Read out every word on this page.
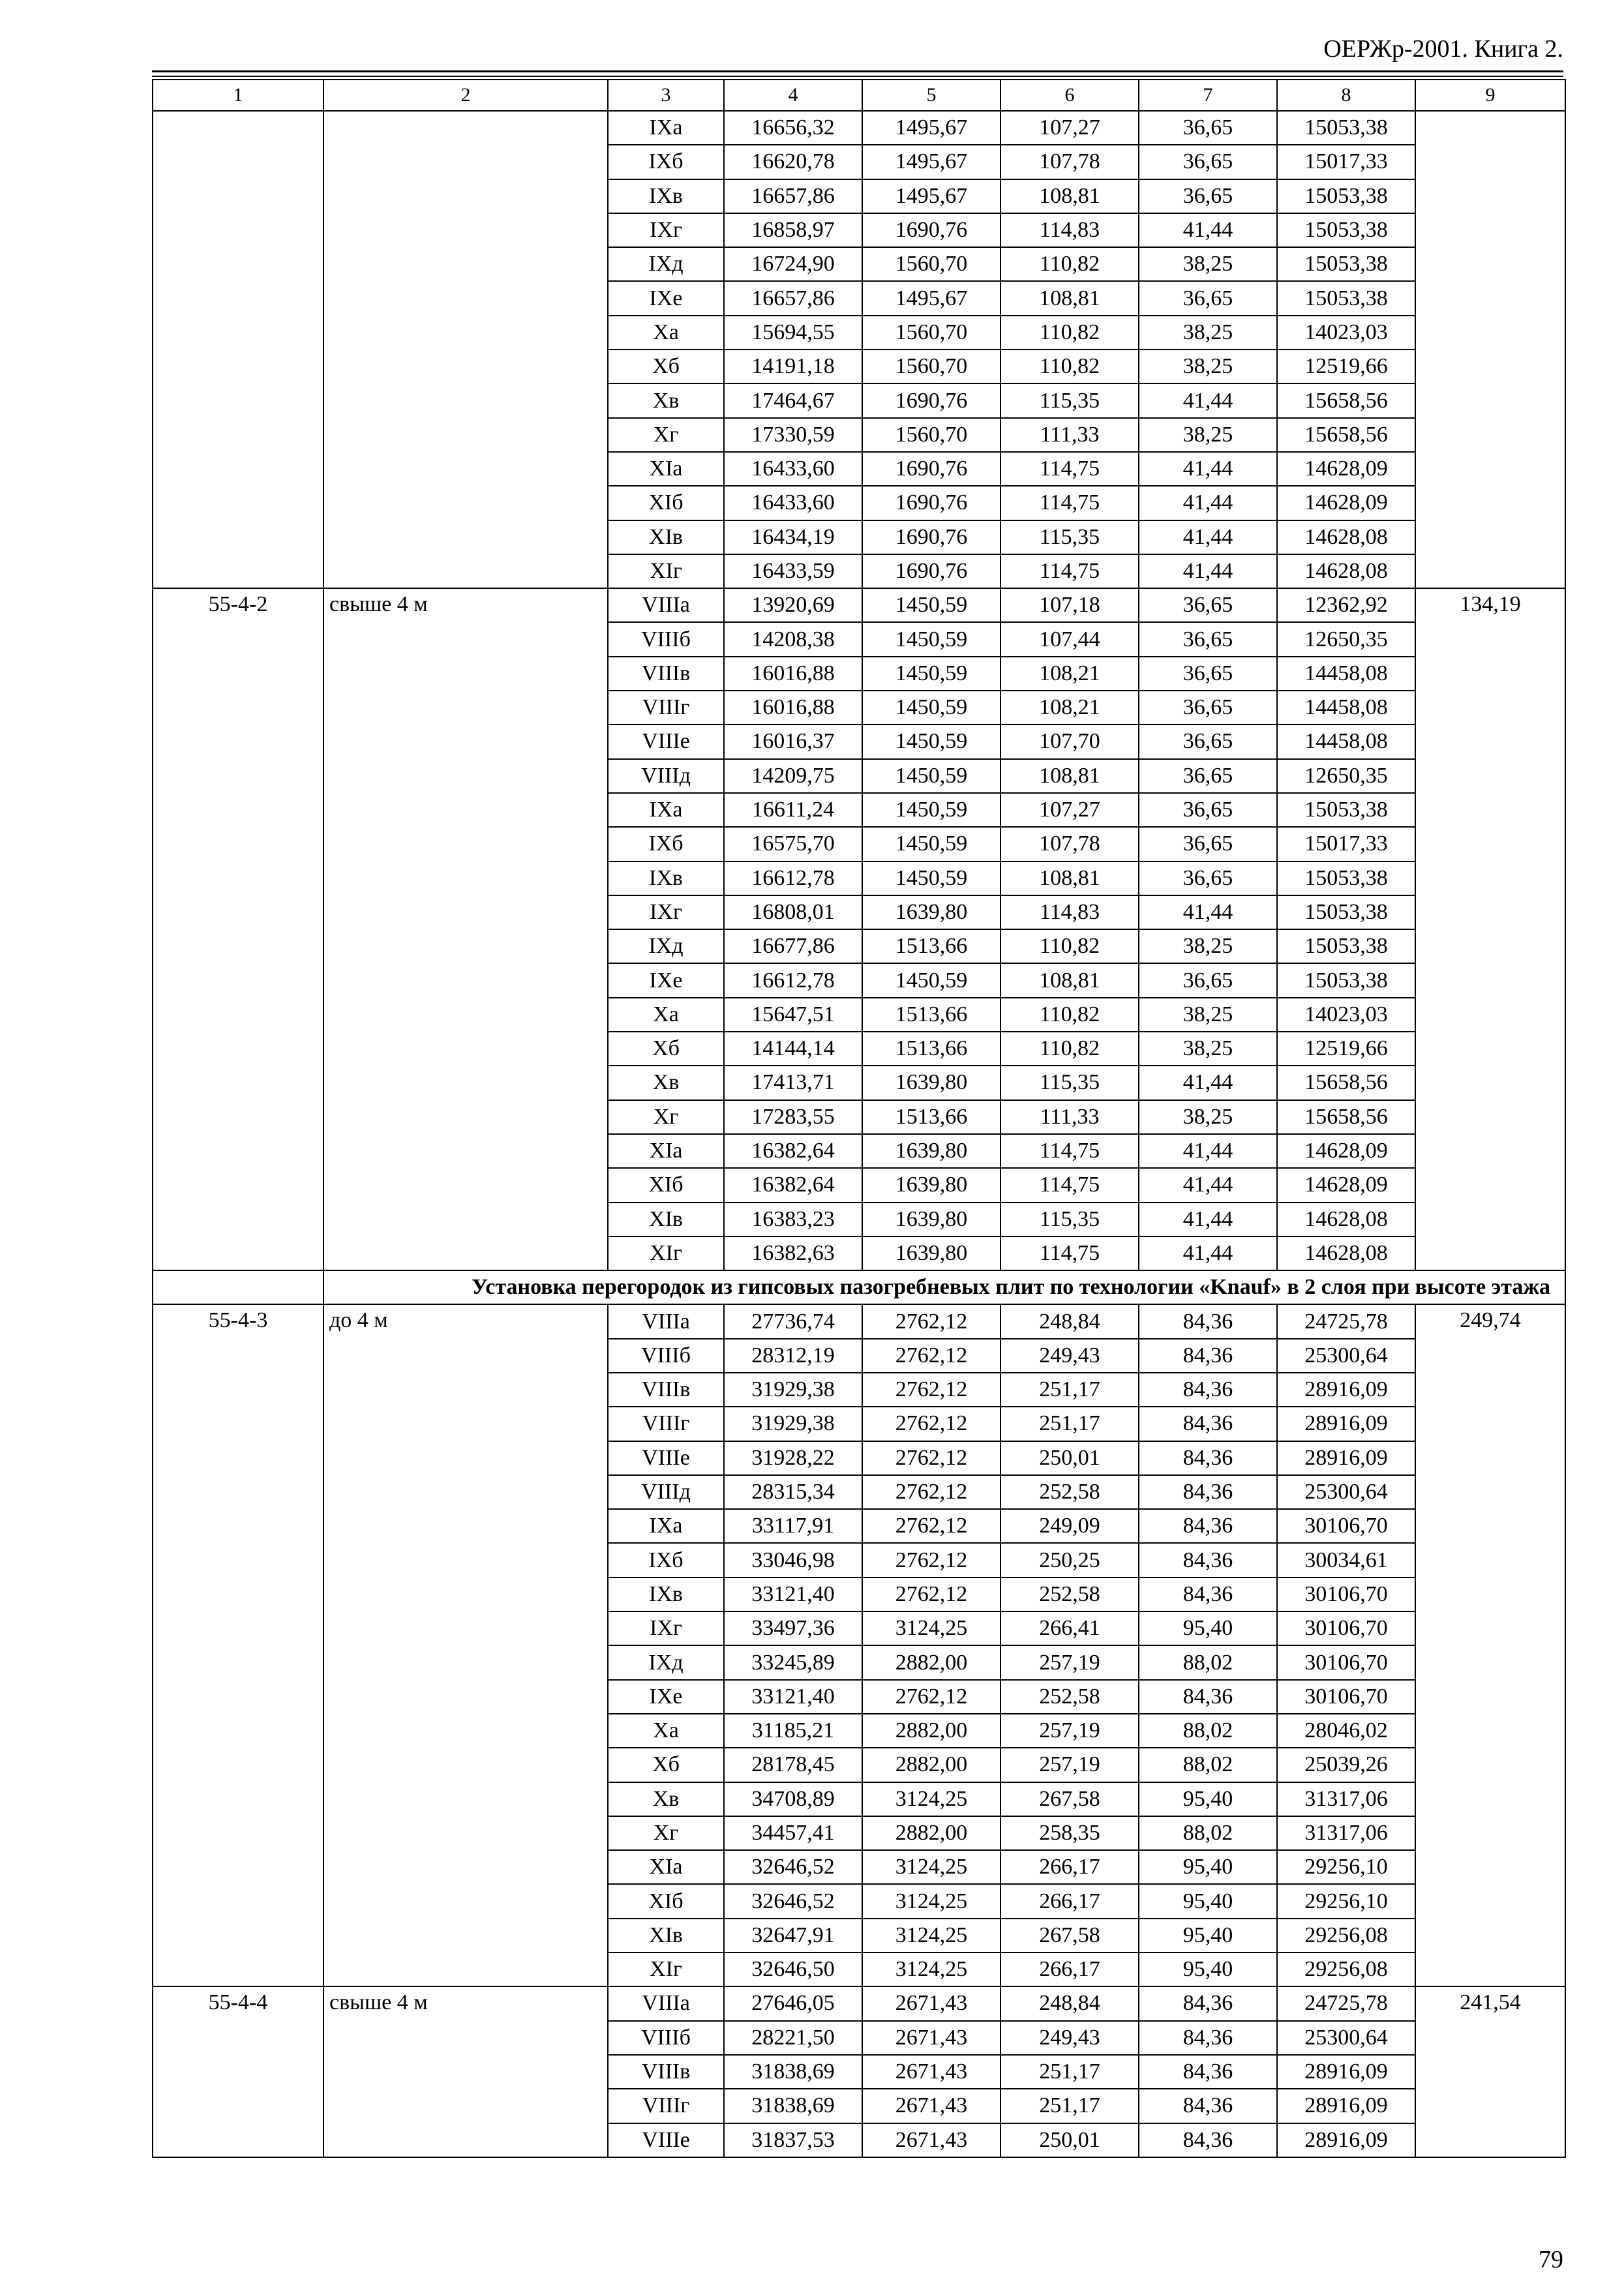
ОЕРЖр-2001. Книга 2.
1	2	3	4	5	6	7	8	9
		IXa	16656,32	1495,67	107,27	36,65	15053,38	
		IXб	16620,78	1495,67	107,78	36,65	15017,33	
		IXв	16657,86	1495,67	108,81	36,65	15053,38	
		IXг	16858,97	1690,76	114,83	41,44	15053,38	
		IXд	16724,90	1560,70	110,82	38,25	15053,38	
		IXe	16657,86	1495,67	108,81	36,65	15053,38	
		Xa	15694,55	1560,70	110,82	38,25	14023,03	
		Xб	14191,18	1560,70	110,82	38,25	12519,66	
		Xв	17464,67	1690,76	115,35	41,44	15658,56	
		Xг	17330,59	1560,70	111,33	38,25	15658,56	
		XIa	16433,60	1690,76	114,75	41,44	14628,09	
		XIб	16433,60	1690,76	114,75	41,44	14628,09	
		XIв	16434,19	1690,76	115,35	41,44	14628,08	
		XIг	16433,59	1690,76	114,75	41,44	14628,08	
55-4-2	свыше 4 м	VIIIa	13920,69	1450,59	107,18	36,65	12362,92	134,19
		VIIIб	14208,38	1450,59	107,44	36,65	12650,35	
		VIIIв	16016,88	1450,59	108,21	36,65	14458,08	
		VIIIг	16016,88	1450,59	108,21	36,65	14458,08	
		VIIIe	16016,37	1450,59	107,70	36,65	14458,08	
		VIIIд	14209,75	1450,59	108,81	36,65	12650,35	
		IXa	16611,24	1450,59	107,27	36,65	15053,38	
		IXб	16575,70	1450,59	107,78	36,65	15017,33	
		IXв	16612,78	1450,59	108,81	36,65	15053,38	
		IXг	16808,01	1639,80	114,83	41,44	15053,38	
		IXд	16677,86	1513,66	110,82	38,25	15053,38	
		IXe	16612,78	1450,59	108,81	36,65	15053,38	
		Xa	15647,51	1513,66	110,82	38,25	14023,03	
		Xб	14144,14	1513,66	110,82	38,25	12519,66	
		Xв	17413,71	1639,80	115,35	41,44	15658,56	
		Xг	17283,55	1513,66	111,33	38,25	15658,56	
		XIa	16382,64	1639,80	114,75	41,44	14628,09	
		XIб	16382,64	1639,80	114,75	41,44	14628,09	
		XIв	16383,23	1639,80	115,35	41,44	14628,08	
		XIг	16382,63	1639,80	114,75	41,44	14628,08	
	Установка перегородок из гипсовых пазогребневых плит по технологии «Knauf» в 2 слоя при высоте этажа							
55-4-3	до 4 м	VIIIa	27736,74	2762,12	248,84	84,36	24725,78	249,74
		VIIIб	28312,19	2762,12	249,43	84,36	25300,64	
		VIIIв	31929,38	2762,12	251,17	84,36	28916,09	
		VIIIг	31929,38	2762,12	251,17	84,36	28916,09	
		VIIIe	31928,22	2762,12	250,01	84,36	28916,09	
		VIIIд	28315,34	2762,12	252,58	84,36	25300,64	
		IXa	33117,91	2762,12	249,09	84,36	30106,70	
		IXб	33046,98	2762,12	250,25	84,36	30034,61	
		IXв	33121,40	2762,12	252,58	84,36	30106,70	
		IXг	33497,36	3124,25	266,41	95,40	30106,70	
		IXд	33245,89	2882,00	257,19	88,02	30106,70	
		IXe	33121,40	2762,12	252,58	84,36	30106,70	
		Xa	31185,21	2882,00	257,19	88,02	28046,02	
		Xб	28178,45	2882,00	257,19	88,02	25039,26	
		Xв	34708,89	3124,25	267,58	95,40	31317,06	
		Xг	34457,41	2882,00	258,35	88,02	31317,06	
		XIa	32646,52	3124,25	266,17	95,40	29256,10	
		XIб	32646,52	3124,25	266,17	95,40	29256,10	
		XIв	32647,91	3124,25	267,58	95,40	29256,08	
		XIг	32646,50	3124,25	266,17	95,40	29256,08	
55-4-4	свыше 4 м	VIIIa	27646,05	2671,43	248,84	84,36	24725,78	241,54
		VIIIб	28221,50	2671,43	249,43	84,36	25300,64	
		VIIIв	31838,69	2671,43	251,17	84,36	28916,09	
		VIIIг	31838,69	2671,43	251,17	84,36	28916,09	
		VIIIe	31837,53	2671,43	250,01	84,36	28916,09	
79
